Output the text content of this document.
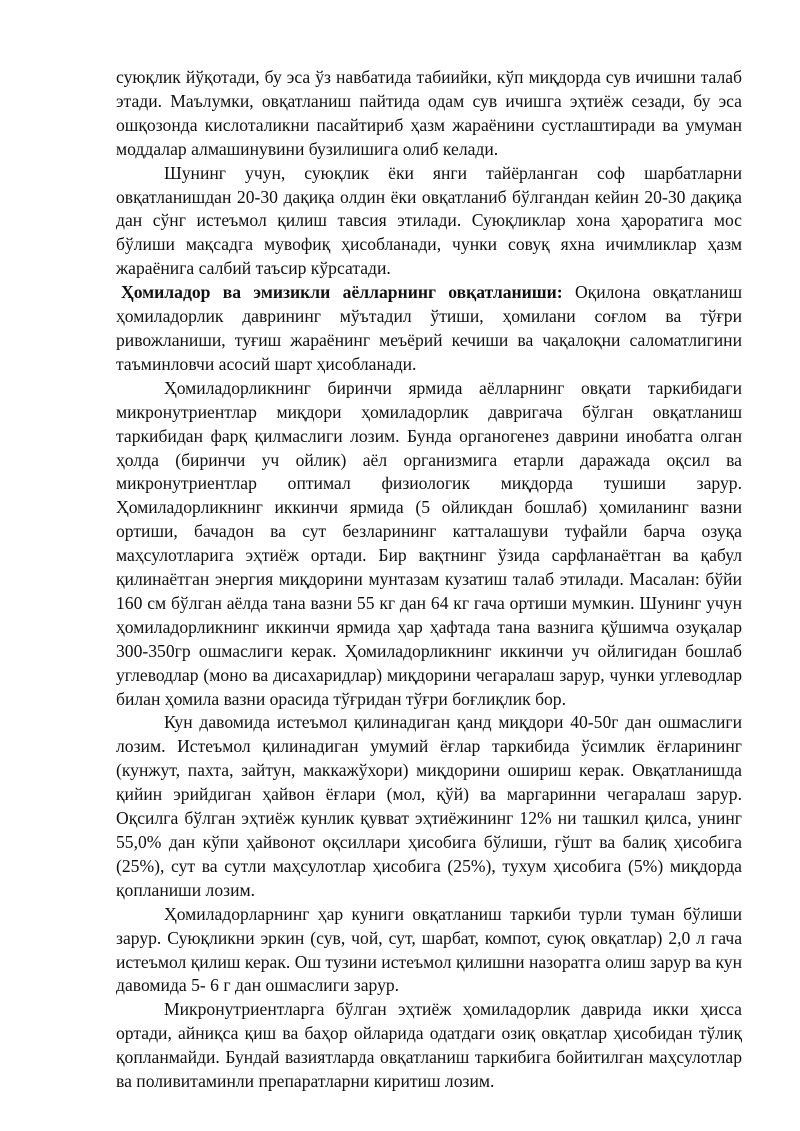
суюқлик йўқотади, бу эса ўз навбатида табиийки, кўп миқдорда сув ичишни талаб этади. Маълумки, овқатланиш пайтида одам сув ичишга эҳтиёж сезади, бу эса ошқозонда кислоталикни пасайтириб ҳазм жараёнини сустлаштиради ва умуман моддалар алмашинувини бузилишига олиб келади.

Шунинг учун, суюқлик ёки янги тайёрланган соф шарбатларни овқатланишдан 20-30 дақиқа олдин ёки овқатланиб бўлгандан кейин 20-30 дақиқа дан сўнг истеъмол қилиш тавсия этилади. Суюқликлар хона ҳароратига мос бўлиши мақсадга мувофиқ ҳисобланади, чунки совуқ яхна ичимликлар ҳазм жараёнига салбий таъсир кўрсатади.

Ҳомиладор ва эмизикли аёлларнинг овқатланиши: Оқилона овқатланиш ҳомиладорлик даврининг мўътадил ўтиши, ҳомилани соғлом ва тўғри ривожланиши, туғиш жараёнинг меъёрий кечиши ва чақалоқни саломатлигини таъминловчи асосий шарт ҳисобланади.

Ҳомиладорликнинг биринчи ярмида аёлларнинг овқати таркибидаги микронутриентлар миқдори ҳомиладорлик давригача бўлган овқатланиш таркибидан фарқ қилмаслиги лозим. Бунда органогенез даврини инобатга олган ҳолда (биринчи уч ойлик) аёл организмига етарли даражада оқсил ва микронутриентлар оптимал физиологик миқдорда тушиши зарур. Ҳомиладорликнинг иккинчи ярмида (5 ойликдан бошлаб) ҳомиланинг вазни ортиши, бачадон ва сут безларининг катталашуви туфайли барча озуқа маҳсулотларига эҳтиёж ортади. Бир вақтнинг ўзида сарфланаётган ва қабул қилинаётган энергия миқдорини мунтазам кузатиш талаб этилади. Масалан: бўйи 160 см бўлган аёлда тана вазни 55 кг дан 64 кг гача ортиши мумкин. Шунинг учун ҳомиладорликнинг иккинчи ярмида ҳар ҳафтада тана вазнига қўшимча озуқалар 300-350гр ошмаслиги керак. Ҳомиладорликнинг иккинчи уч ойлигидан бошлаб углеводлар (моно ва дисахаридлар) миқдорини чегаралаш зарур, чунки углеводлар билан ҳомила вазни орасида тўғридан тўғри боғлиқлик бор.

Кун давомида истеъмол қилинадиган қанд миқдори 40-50г дан ошмаслиги лозим. Истеъмол қилинадиган умумий ёғлар таркибида ўсимлик ёғларининг (кунжут, пахта, зайтун, маккажўхори) миқдорини ошириш керак. Овқатланишда қийин эрийдиган ҳайвон ёғлари (мол, қўй) ва маргаринни чегаралаш зарур. Оқсилга бўлган эҳтиёж кунлик қувват эҳтиёжининг 12% ни ташкил қилса, унинг 55,0% дан кўпи ҳайвонот оқсиллари ҳисобига бўлиши, гўшт ва балиқ ҳисобига (25%), сут ва сутли маҳсулотлар ҳисобига (25%), тухум ҳисобига (5%) миқдорда қопланиши лозим.

Ҳомиладорларнинг ҳар куниги овқатланиш таркиби турли туман бўлиши зарур. Суюқликни эркин (сув, чой, сут, шарбат, компот, суюқ овқатлар) 2,0 л гача истеъмол қилиш керак. Ош тузини истеъмол қилишни назоратга олиш зарур ва кун давомида 5- 6 г дан ошмаслиги зарур.

Микронутриентларга бўлган эҳтиёж ҳомиладорлик даврида икки ҳисса ортади, айниқса қиш ва баҳор ойларида одатдаги озиқ овқатлар ҳисобидан тўлиқ қопланмайди. Бундай вазиятларда овқатланиш таркибига бойитилган маҳсулотлар ва поливитаминли препаратларни киритиш лозим.
